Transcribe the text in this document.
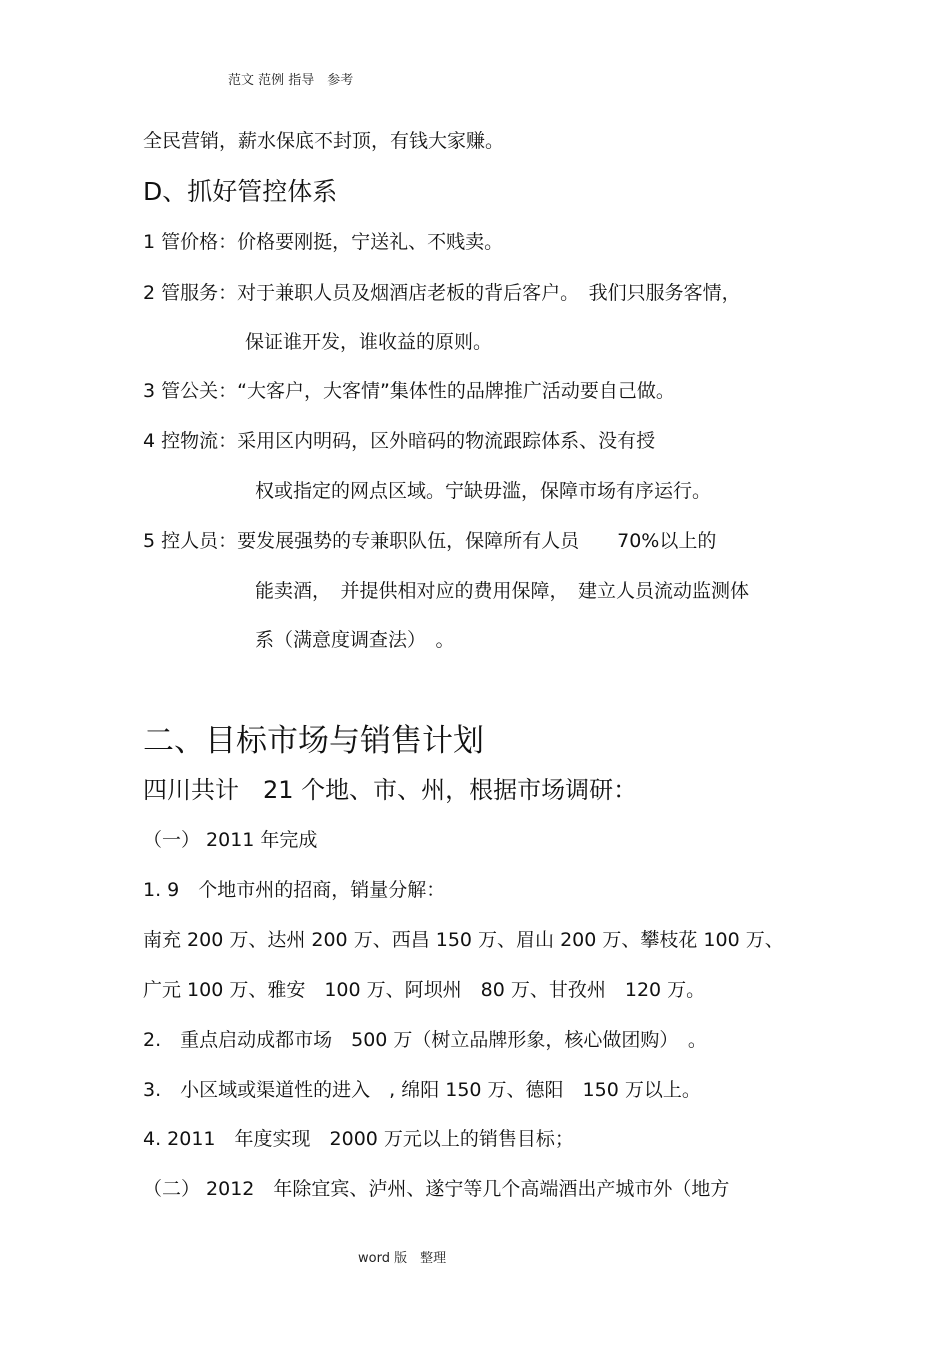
范文 范例 指导　参考
全民营销，薪水保底不封顶，有钱大家赚。
D、抓好管控体系
1 管价格：价格要刚挺，宁送礼、不贱卖。
2 管服务：对于兼职人员及烟酒店老板的背后客户。　我们只服务客情，
保证谁开发，谁收益的原则。
3 管公关：“大客户，大客情”集体性的品牌推广活动要自己做。
4 控物流：采用区内明码，区外暗码的物流跟踪体系、没有授
权或指定的网点区域。宁缺毋滥，保障市场有序运行。
5 控人员：要发展强势的专兼职队伍，保障所有人员　　70%以上的
能卖酒，　并提供相对应的费用保障，　建立人员流动监测体
系（满意度调查法）　。
二、目标市场与销售计划
四川共计　21 个地、市、州，根据市场调研：
（一） 2011 年完成
1. 9　个地市州的招商，销量分解：
南充 200 万、达州 200 万、西昌 150 万、眉山 200 万、攀枝花 100 万、
广元 100 万、雅安　100 万、阿坝州　80 万、甘孜州　120 万。
2.　重点启动成都市场　500 万（树立品牌形象，核心做团购）　。
3.　小区域或渠道性的进入　, 绵阳 150 万、德阳　150 万以上。
4. 2011　年度实现　2000 万元以上的销售目标；
（二） 2012　年除宜宾、泸州、遂宁等几个高端酒出产城市外（地方
word 版　整理
